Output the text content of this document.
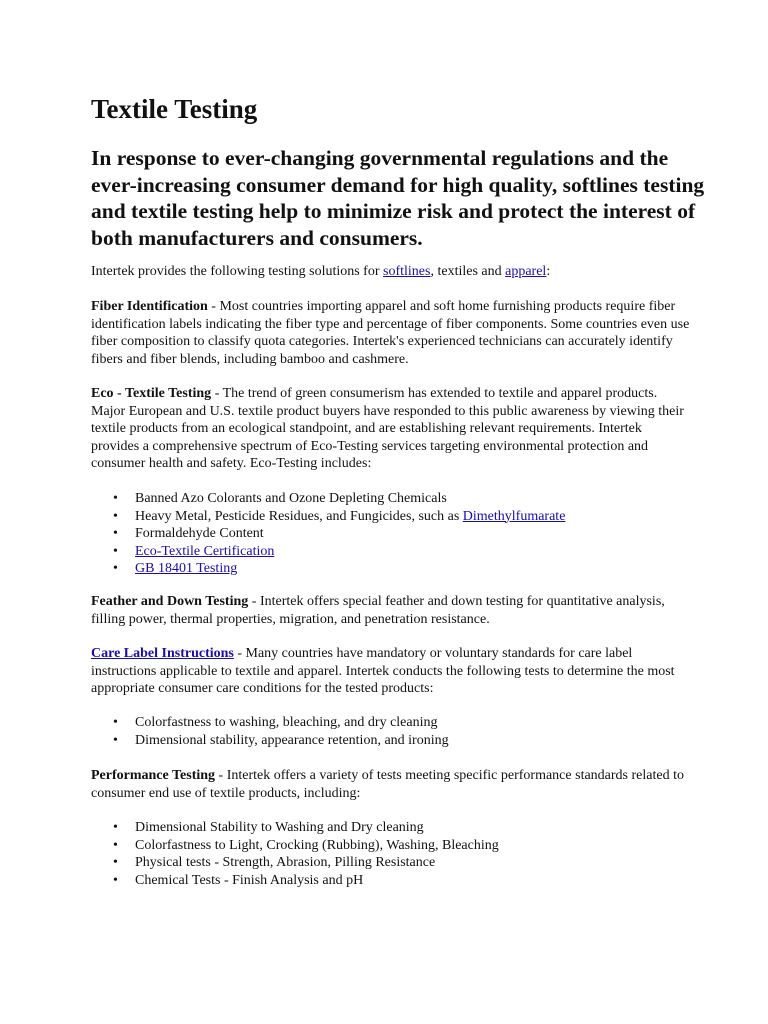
Textile Testing
In response to ever-changing governmental regulations and the ever-increasing consumer demand for high quality, softlines testing and textile testing help to minimize risk and protect the interest of both manufacturers and consumers.

Intertek provides the following testing solutions for softlines, textiles and apparel:

Fiber Identification - Most countries importing apparel and soft home furnishing products require fiber identification labels indicating the fiber type and percentage of fiber components. Some countries even use fiber composition to classify quota categories. Intertek's experienced technicians can accurately identify fibers and fiber blends, including bamboo and cashmere.

Eco - Textile Testing - The trend of green consumerism has extended to textile and apparel products. Major European and U.S. textile product buyers have responded to this public awareness by viewing their textile products from an ecological standpoint, and are establishing relevant requirements. Intertek provides a comprehensive spectrum of Eco-Testing services targeting environmental protection and consumer health and safety. Eco-Testing includes:

• Banned Azo Colorants and Ozone Depleting Chemicals
• Heavy Metal, Pesticide Residues, and Fungicides, such as Dimethylfumarate
• Formaldehyde Content
• Eco-Textile Certification
• GB 18401 Testing

Feather and Down Testing - Intertek offers special feather and down testing for quantitative analysis, filling power, thermal properties, migration, and penetration resistance.

Care Label Instructions - Many countries have mandatory or voluntary standards for care label instructions applicable to textile and apparel. Intertek conducts the following tests to determine the most appropriate consumer care conditions for the tested products:

• Colorfastness to washing, bleaching, and dry cleaning
• Dimensional stability, appearance retention, and ironing

Performance Testing - Intertek offers a variety of tests meeting specific performance standards related to consumer end use of textile products, including:

• Dimensional Stability to Washing and Dry cleaning
• Colorfastness to Light, Crocking (Rubbing), Washing, Bleaching
• Physical tests - Strength, Abrasion, Pilling Resistance
• Chemical Tests - Finish Analysis and pH
